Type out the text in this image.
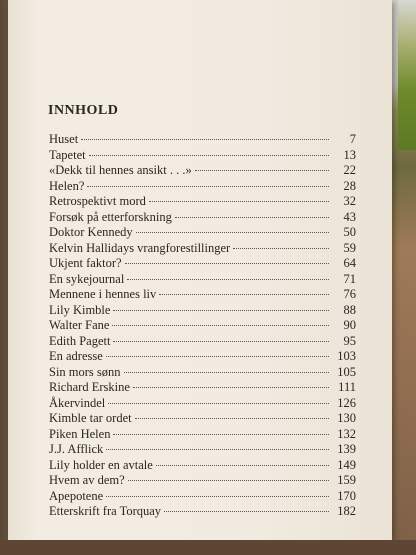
INNHOLD
Huset	7
Tapetet	13
«Dekk til hennes ansikt . . .»	22
Helen?	28
Retrospektivt mord	32
Forsøk på etterforskning	43
Doktor Kennedy	50
Kelvin Hallidays vrangforestillinger	59
Ukjent faktor?	64
En sykejournal	71
Mennene i hennes liv	76
Lily Kimble	88
Walter Fane	90
Edith Pagett	95
En adresse	103
Sin mors sønn	105
Richard Erskine	111
Åkervindel	126
Kimble tar ordet	130
Piken Helen	132
J.J. Afflick	139
Lily holder en avtale	149
Hvem av dem?	159
Apepotene	170
Etterskrift fra Torquay	182
